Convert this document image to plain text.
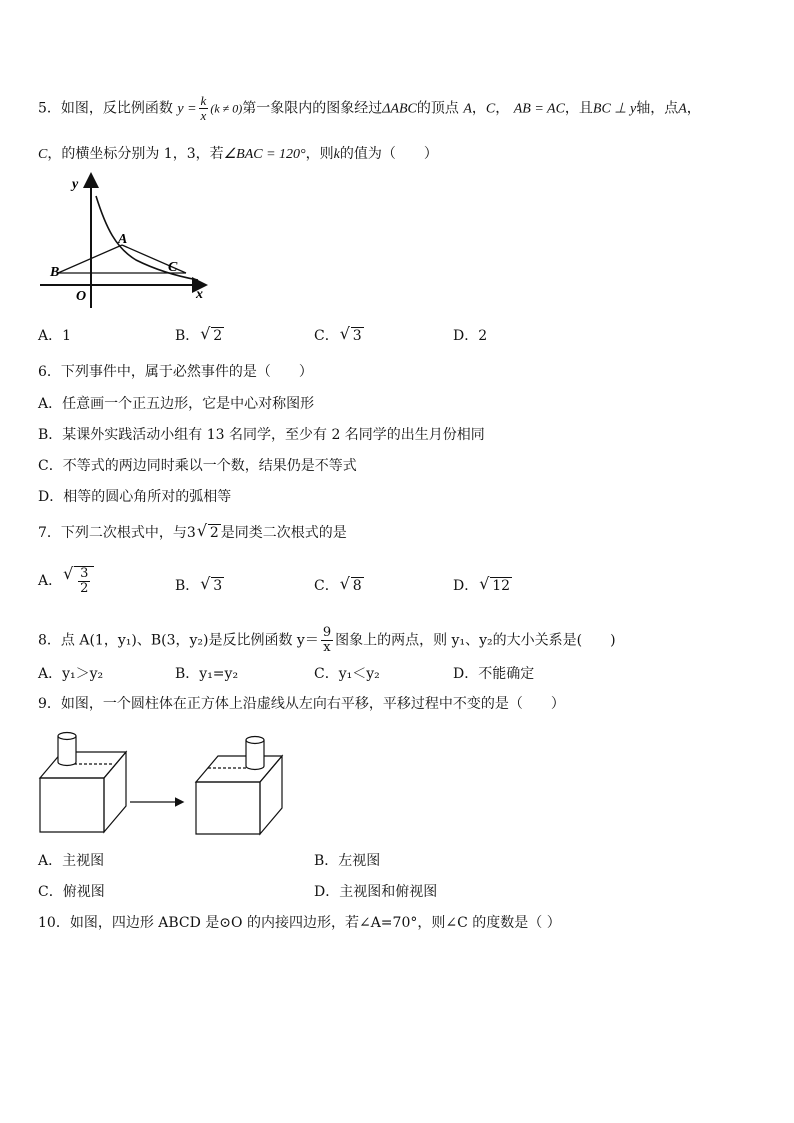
5．如图，反比例函数 $y = \frac{k}{x} (k \ne 0)$第一象限内的图象经过ΔABC的顶点 A，C， AB = AC，且BC ⊥ y轴，点A，
C，的横坐标分别为 1，3，若∠BAC = 120°，则k的值为（　　）
y
A
B	C
O	x
A．1	B． √ 2	C． √ 3	D．2
6．下列事件中，属于必然事件的是（　　）
A．任意画一个正五边形，它是中心对称图形
B．某课外实践活动小组有 13 名同学，至少有 2 名同学的出生月份相同
C．不等式的两边同时乘以一个数，结果仍是不等式
D．相等的圆心角所对的弧相等
7．下列二次根式中，与3 √ 2 是同类二次根式的是
A． √ $\frac{3}{2}$	B． √ 3	C． √ 8	D． √ 12
8．点 A(1，y₁)、B(3，y₂)是反比例函数 $y= \frac{9}{x}$ 图象上的两点，则 y₁、y₂的大小关系是(　　)
A．y₁＞y₂	B．y₁=y₂	C．y₁＜y₂	D．不能确定
9．如图，一个圆柱体在正方体上沿虚线从左向右平移，平移过程中不变的是（　　）
A．主视图	B．左视图
C．俯视图	D．主视图和俯视图
10．如图，四边形 ABCD 是⊙O 的内接四边形，若∠A=70°，则∠C 的度数是（ ）
